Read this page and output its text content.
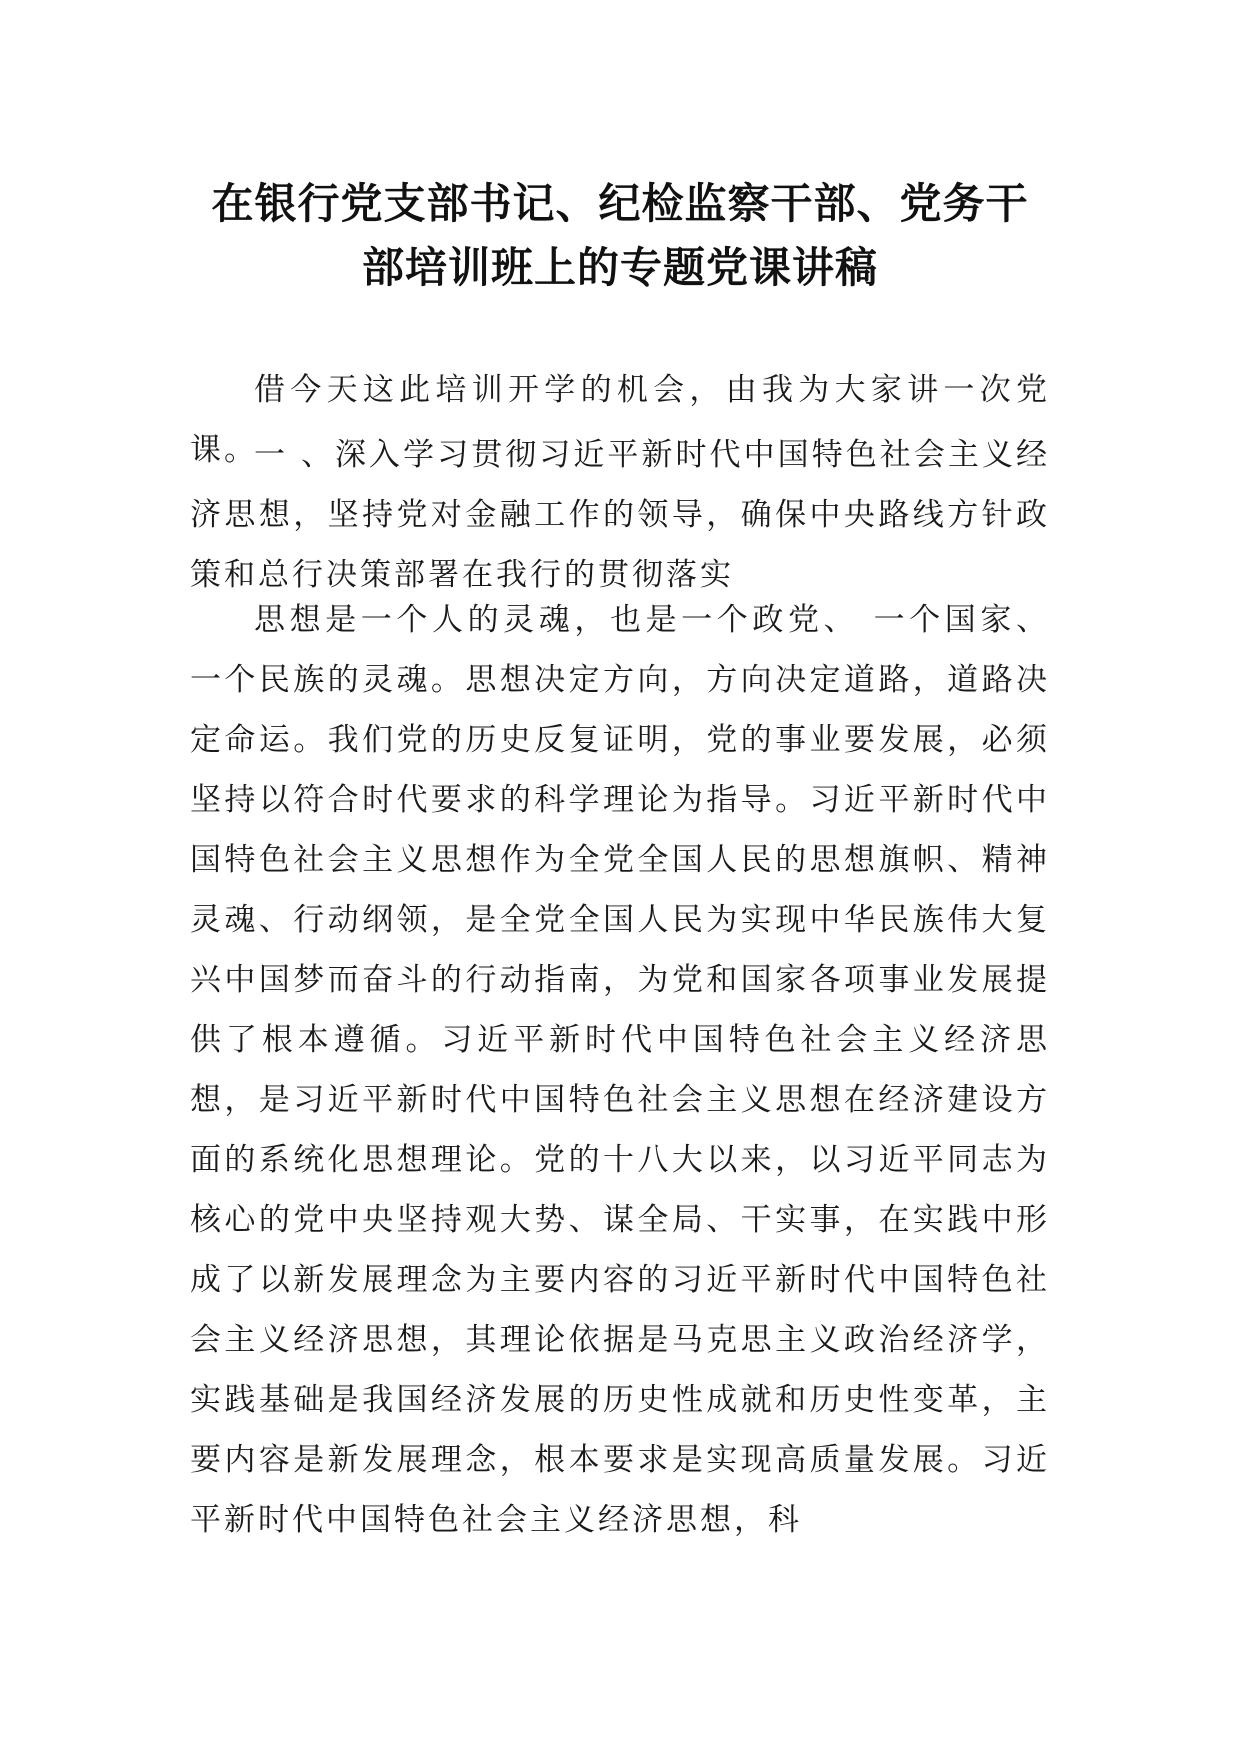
在银行党支部书记、纪检监察干部、党务干
部培训班上的专题党课讲稿

借今天这此培训开学的机会，由我为大家讲一次党课。

一 、深入学习贯彻习近平新时代中国特色社会主义经济思想，坚持党对金融工作的领导，确保中央路线方针政策和总行决策部署在我行的贯彻落实

思想是一个人的灵魂，也是一个政党、 一个国家、 一个民族的灵魂。思想决定方向，方向决定道路，道路决定命运。我们党的历史反复证明，党的事业要发展，必须坚持以符合时代要求的科学理论为指导。习近平新时代中国特色社会主义思想作为全党全国人民的思想旗帜、精神灵魂、行动纲领，是全党全国人民为实现中华民族伟大复兴中国梦而奋斗的行动指南，为党和国家各项事业发展提供了根本遵循。习近平新时代中国特色社会主义经济思想，是习近平新时代中国特色社会主义思想在经济建设方面的系统化思想理论。党的十八大以来，以习近平同志为核心的党中央坚持观大势、谋全局、干实事，在实践中形成了以新发展理念为主要内容的习近平新时代中国特色社会主义经济思想，其理论依据是马克思主义政治经济学，实践基础是我国经济发展的历史性成就和历史性变革，主要内容是新发展理念，根本要求是实现高质量发展。习近平新时代中国特色社会主义经济思想，科
